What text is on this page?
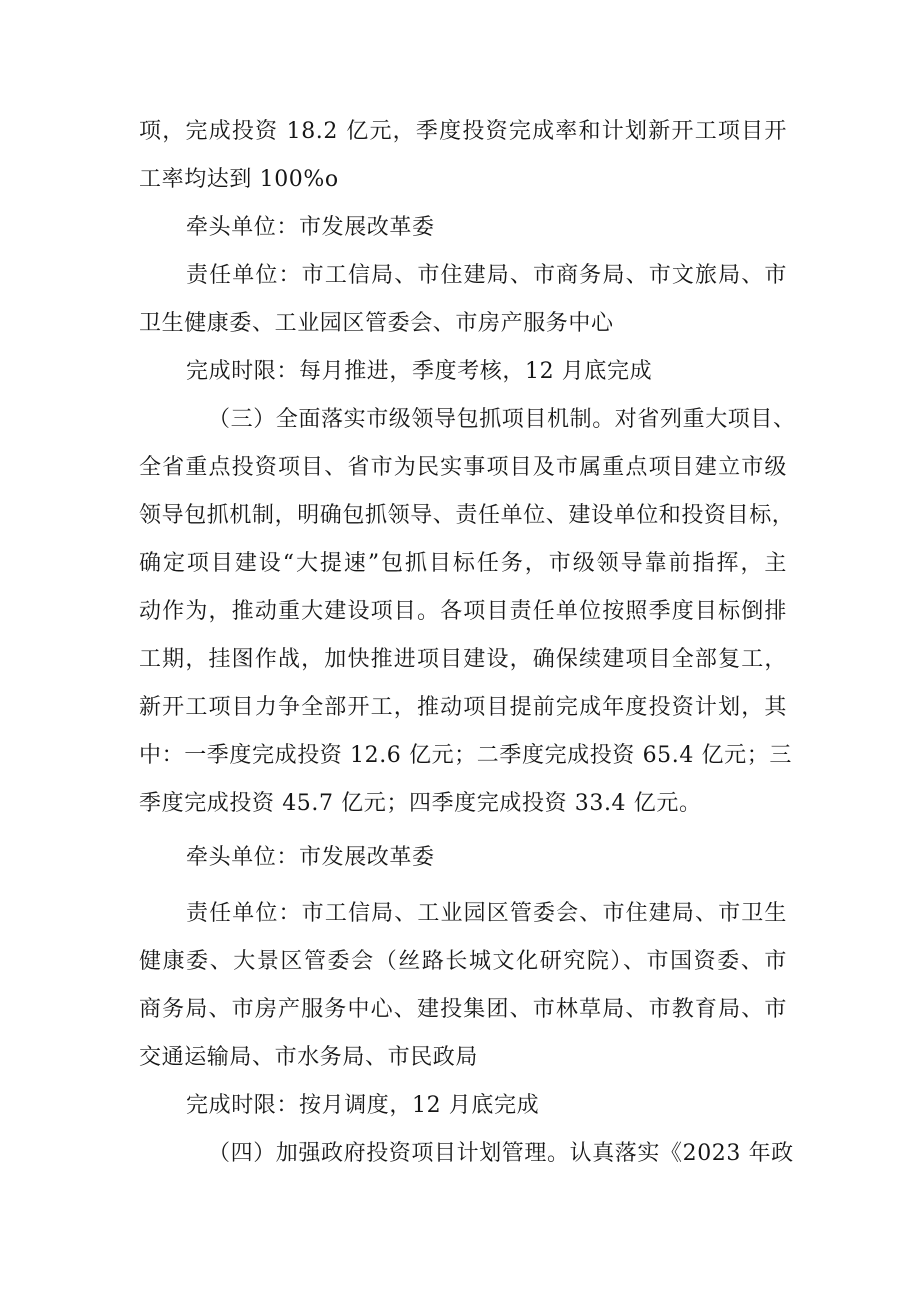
项，完成投资 18.2 亿元，季度投资完成率和计划新开工项目开
工率均达到 100%o
牵头单位：市发展改革委
责任单位：市工信局、市住建局、市商务局、市文旅局、市
卫生健康委、工业园区管委会、市房产服务中心
完成时限：每月推进，季度考核，12 月底完成
（三）全面落实市级领导包抓项目机制。对省列重大项目、
全省重点投资项目、省市为民实事项目及市属重点项目建立市级
领导包抓机制，明确包抓领导、责任单位、建设单位和投资目标，
确定项目建设“大提速”包抓目标任务，市级领导靠前指挥，主
动作为，推动重大建设项目。各项目责任单位按照季度目标倒排
工期，挂图作战，加快推进项目建设，确保续建项目全部复工，
新开工项目力争全部开工，推动项目提前完成年度投资计划，其
中：一季度完成投资 12.6 亿元；二季度完成投资 65.4 亿元；三
季度完成投资 45.7 亿元；四季度完成投资 33.4 亿元。
牵头单位：市发展改革委
责任单位：市工信局、工业园区管委会、市住建局、市卫生
健康委、大景区管委会（丝路长城文化研究院）、市国资委、市
商务局、市房产服务中心、建投集团、市林草局、市教育局、市
交通运输局、市水务局、市民政局
完成时限：按月调度，12 月底完成
（四）加强政府投资项目计划管理。认真落实《2023 年政
